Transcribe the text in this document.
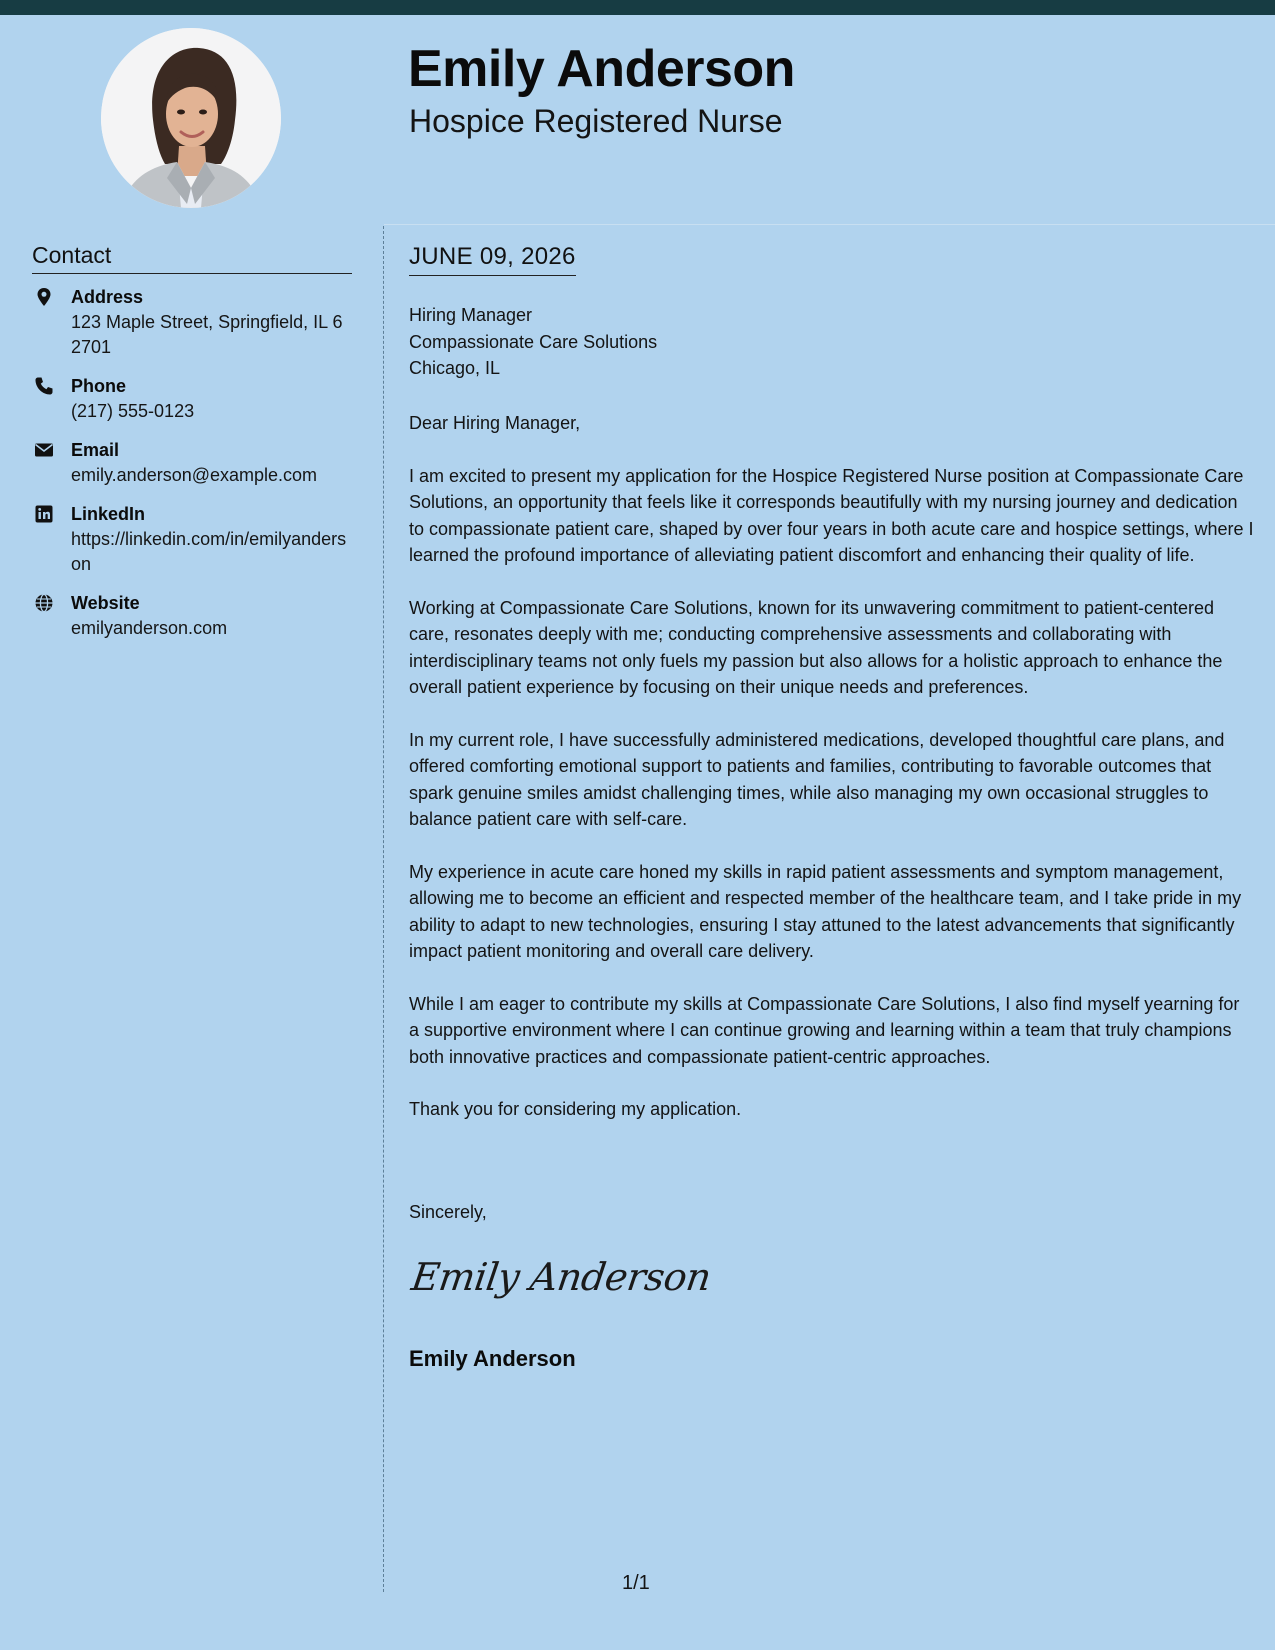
Emily Anderson
Hospice Registered Nurse
Contact
Address
123 Maple Street, Springfield, IL 62701
Phone
(217) 555-0123
Email
emily.anderson@example.com
LinkedIn
https://linkedin.com/in/emilyanderson
Website
emilyanderson.com
JUNE 09, 2026
Hiring Manager
Compassionate Care Solutions
Chicago, IL

Dear Hiring Manager,

I am excited to present my application for the Hospice Registered Nurse position at Compassionate Care Solutions, an opportunity that feels like it corresponds beautifully with my nursing journey and dedication to compassionate patient care, shaped by over four years in both acute care and hospice settings, where I learned the profound importance of alleviating patient discomfort and enhancing their quality of life.

Working at Compassionate Care Solutions, known for its unwavering commitment to patient-centered care, resonates deeply with me; conducting comprehensive assessments and collaborating with interdisciplinary teams not only fuels my passion but also allows for a holistic approach to enhance the overall patient experience by focusing on their unique needs and preferences.

In my current role, I have successfully administered medications, developed thoughtful care plans, and offered comforting emotional support to patients and families, contributing to favorable outcomes that spark genuine smiles amidst challenging times, while also managing my own occasional struggles to balance patient care with self-care.

My experience in acute care honed my skills in rapid patient assessments and symptom management, allowing me to become an efficient and respected member of the healthcare team, and I take pride in my ability to adapt to new technologies, ensuring I stay attuned to the latest advancements that significantly impact patient monitoring and overall care delivery.

While I am eager to contribute my skills at Compassionate Care Solutions, I also find myself yearning for a supportive environment where I can continue growing and learning within a team that truly champions both innovative practices and compassionate patient-centric approaches.

Thank you for considering my application.

Sincerely,
Emily Anderson
Emily Anderson
1/1
